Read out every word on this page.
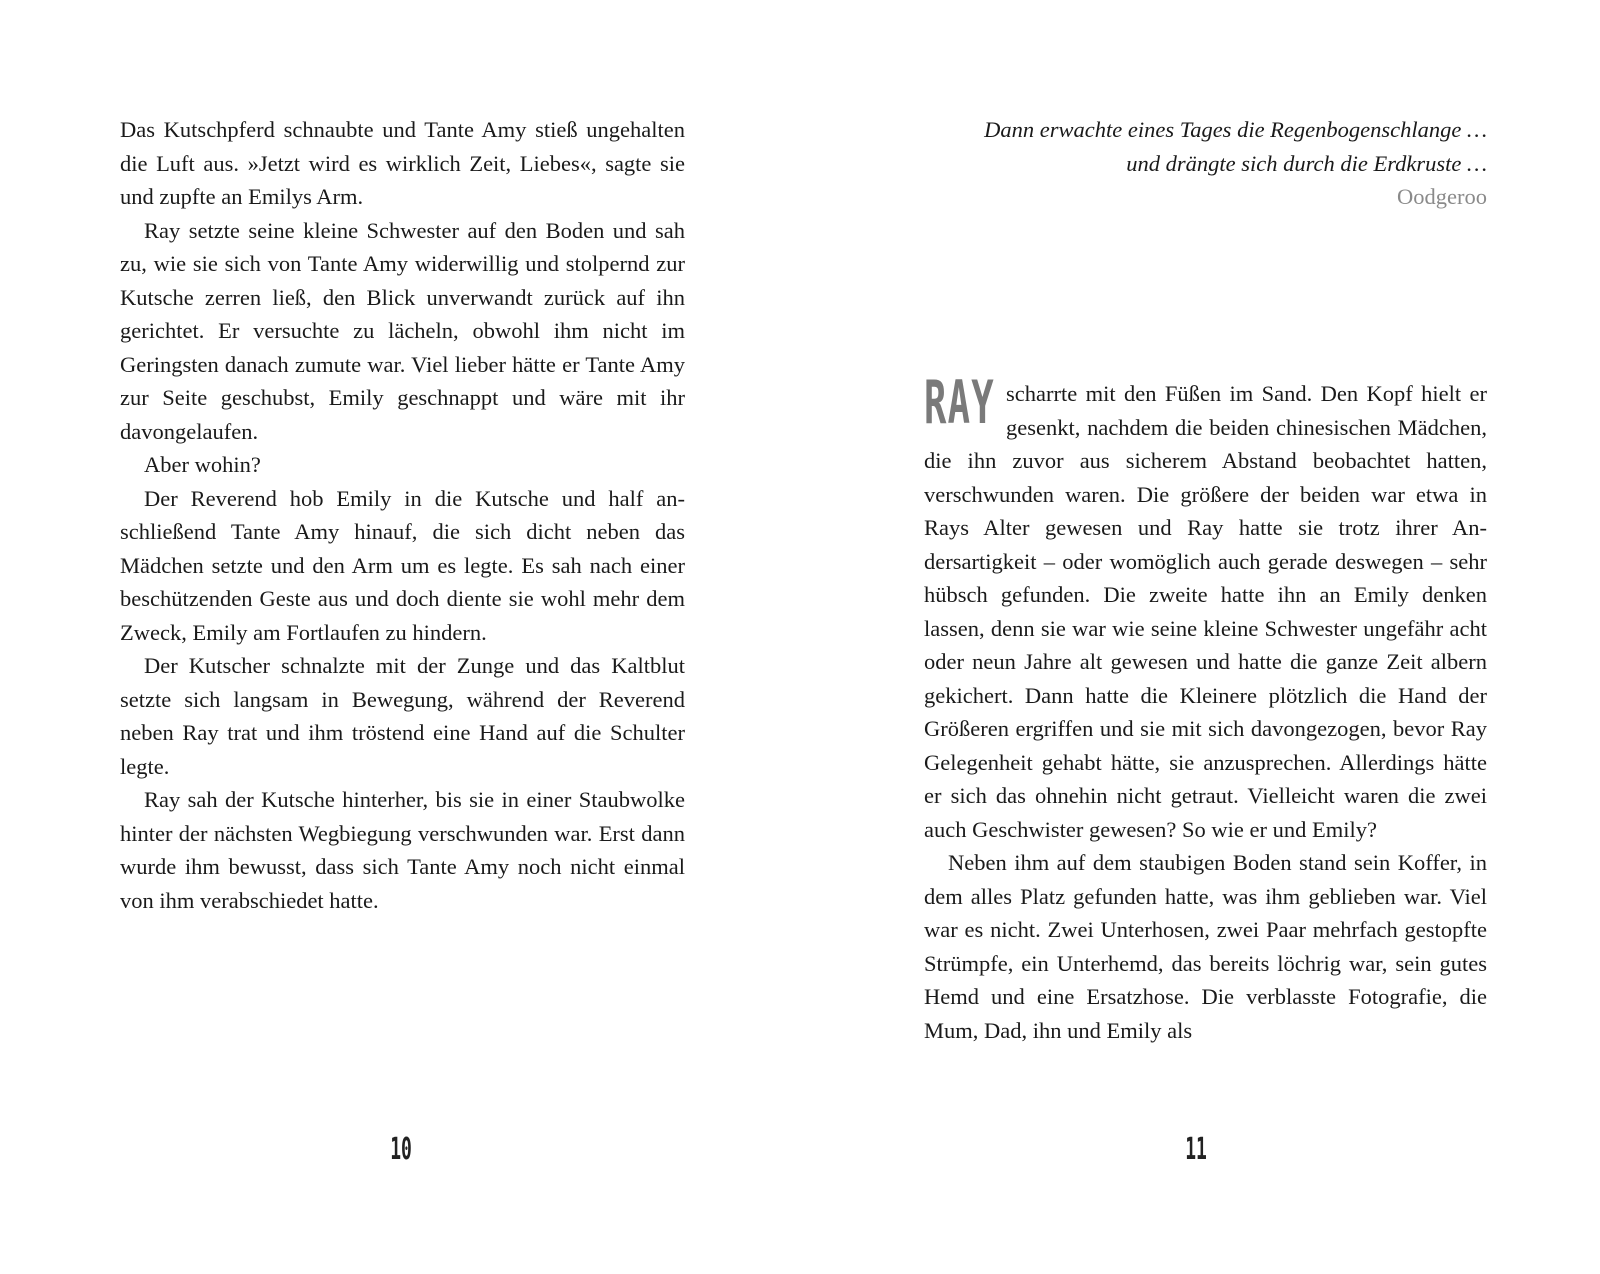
Das Kutschpferd schnaubte und Tante Amy stieß ungehalten die Luft aus. »Jetzt wird es wirklich Zeit, Liebes«, sagte sie und zupfte an Emilys Arm.

Ray setzte seine kleine Schwester auf den Boden und sah zu, wie sie sich von Tante Amy widerwillig und stolpernd zur Kutsche zerren ließ, den Blick unverwandt zurück auf ihn gerichtet. Er versuchte zu lächeln, obwohl ihm nicht im Geringsten danach zumute war. Viel lieber hätte er Tante Amy zur Seite geschubst, Emily geschnappt und wäre mit ihr davongelaufen.

Aber wohin?

Der Reverend hob Emily in die Kutsche und half anschließend Tante Amy hinauf, die sich dicht neben das Mädchen setzte und den Arm um es legte. Es sah nach einer beschützenden Geste aus und doch diente sie wohl mehr dem Zweck, Emily am Fortlaufen zu hindern.

Der Kutscher schnalzte mit der Zunge und das Kaltblut setzte sich langsam in Bewegung, während der Reverend neben Ray trat und ihm tröstend eine Hand auf die Schulter legte.

Ray sah der Kutsche hinterher, bis sie in einer Staubwolke hinter der nächsten Wegbiegung verschwunden war. Erst dann wurde ihm bewusst, dass sich Tante Amy noch nicht einmal von ihm verabschiedet hatte.

10
Dann erwachte eines Tages die Regenbogenschlange …
und drängte sich durch die Erdkruste …
Oodgeroo

RAY scharrte mit den Füßen im Sand. Den Kopf hielt er gesenkt, nachdem die beiden chinesischen Mädchen, die ihn zuvor aus sicherem Abstand beobachtet hatten, verschwunden waren. Die größere der beiden war etwa in Rays Alter gewesen und Ray hatte sie trotz ihrer Andersartigkeit – oder womöglich auch gerade deswegen – sehr hübsch gefunden. Die zweite hatte ihn an Emily denken lassen, denn sie war wie seine kleine Schwester ungefähr acht oder neun Jahre alt gewesen und hatte die ganze Zeit albern gekichert. Dann hatte die Kleinere plötzlich die Hand der Größeren ergriffen und sie mit sich davongezogen, bevor Ray Gelegenheit gehabt hätte, sie anzusprechen. Allerdings hätte er sich das ohnehin nicht getraut. Vielleicht waren die zwei auch Geschwister gewesen? So wie er und Emily?

Neben ihm auf dem staubigen Boden stand sein Koffer, in dem alles Platz gefunden hatte, was ihm geblieben war. Viel war es nicht. Zwei Unterhosen, zwei Paar mehrfach gestopfte Strümpfe, ein Unterhemd, das bereits löchrig war, sein gutes Hemd und eine Ersatzhose. Die verblasste Fotografie, die Mum, Dad, ihn und Emily als

11
